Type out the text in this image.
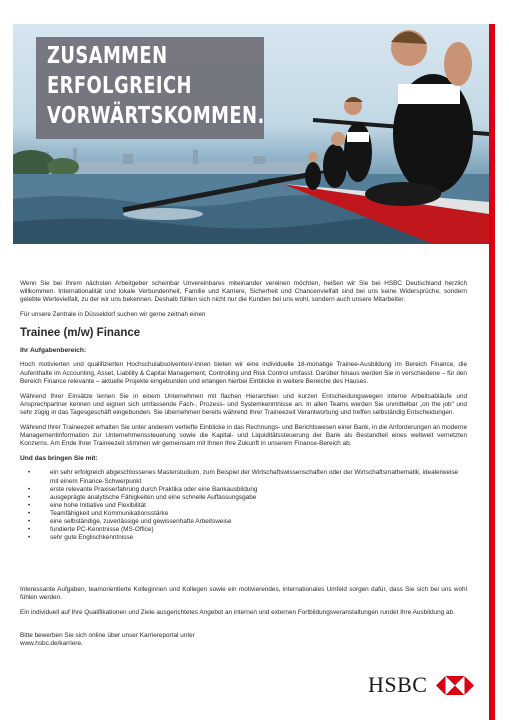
ZUSAMMEN
ERFOLGREICH
VORWÄRTSKOMMEN.

Wenn Sie bei Ihrem nächsten Arbeitgeber scheinbar Unvereinbares miteinander vereinen möchten, heißen wir Sie bei HSBC Deutschland herzlich willkommen. Internationalität und lokale Verbundenheit, Familie und Karriere, Sicherheit und Chancenvielfalt sind bei uns keine Widersprüche, sondern gelebte Wertevielfalt, zu der wir uns bekennen. Deshalb fühlen sich nicht nur die Kunden bei uns wohl, sondern auch unsere Mitarbeiter.

Für unsere Zentrale in Düsseldorf suchen wir gerne zeitnah einen

Trainee (m/w) Finance
Ihr Aufgabenbereich:

Hoch motivierten und qualifizierten Hochschulabsolventen/-innen bieten wir eine individuelle 18-monatige Trainee-Ausbildung im Bereich Finance, die Aufenthalte im Accounting, Asset, Liability & Capital Management, Controlling und Risk Control umfasst. Darüber hinaus werden Sie in verschiedene – für den Bereich Finance relevante – aktuelle Projekte eingebunden und erlangen hierbei Einblicke in weitere Bereiche des Hauses.

Während Ihrer Einsätze lernen Sie in einem Unternehmen mit flachen Hierarchien und kurzen Entscheidungswegen interne Arbeitsabläufe und Ansprechpartner kennen und eignen sich umfassende Fach-, Prozess- und Systemkenntnisse an. In allen Teams werden Sie unmittelbar „on the job" und sehr zügig in das Tagesgeschäft eingebunden. Sie übernehmen bereits während Ihrer Traineezeit Verantwortung und treffen selbständig Entscheidungen.

Während Ihrer Traineezeit erhalten Sie unter anderem vertiefte Einblicke in das Rechnungs- und Berichtswesen einer Bank, in die Anforderungen an moderne Managementinformation zur Unternehmenssteuerung sowie die Kapital- und Liquiditätssteuerung der Bank als Bestandteil eines weltweit vernetzten Konzerns. Am Ende Ihrer Traineezeit stimmen wir gemeinsam mit Ihnen Ihre Zukunft in unserem Finance-Bereich ab.

Und das bringen Sie mit:
• ein sehr erfolgreich abgeschlossenes Masterstudium, zum Beispiel der Wirtschaftswissenschaften oder der Wirtschaftsmathematik, idealerweise mit einem Finance-Schwerpunkt
• erste relevante Praxiserfahrung durch Praktika oder eine Bankausbildung
• ausgeprägte analytische Fähigkeiten und eine schnelle Auffassungsgabe
• eine hohe Initiative und Flexibilität
• Teamfähigkeit und Kommunikationsstärke
• eine selbständige, zuverlässige und gewissenhafte Arbeitsweise
• fundierte PC-Kenntnisse (MS-Office)
• sehr gute Englischkenntnisse

Interessante Aufgaben, teamorientierte Kolleginnen und Kollegen sowie ein motivierendes, internationales Umfeld sorgen dafür, dass Sie sich bei uns wohl fühlen werden.

Ein individuell auf Ihre Qualifikationen und Ziele ausgerichtetes Angebot an internen und externen Fortbildungsveranstaltungen rundet Ihre Ausbildung ab.

Bitte bewerben Sie sich online über unser Karriereportal unter
www.hsbc.de/karriere.

HSBC
